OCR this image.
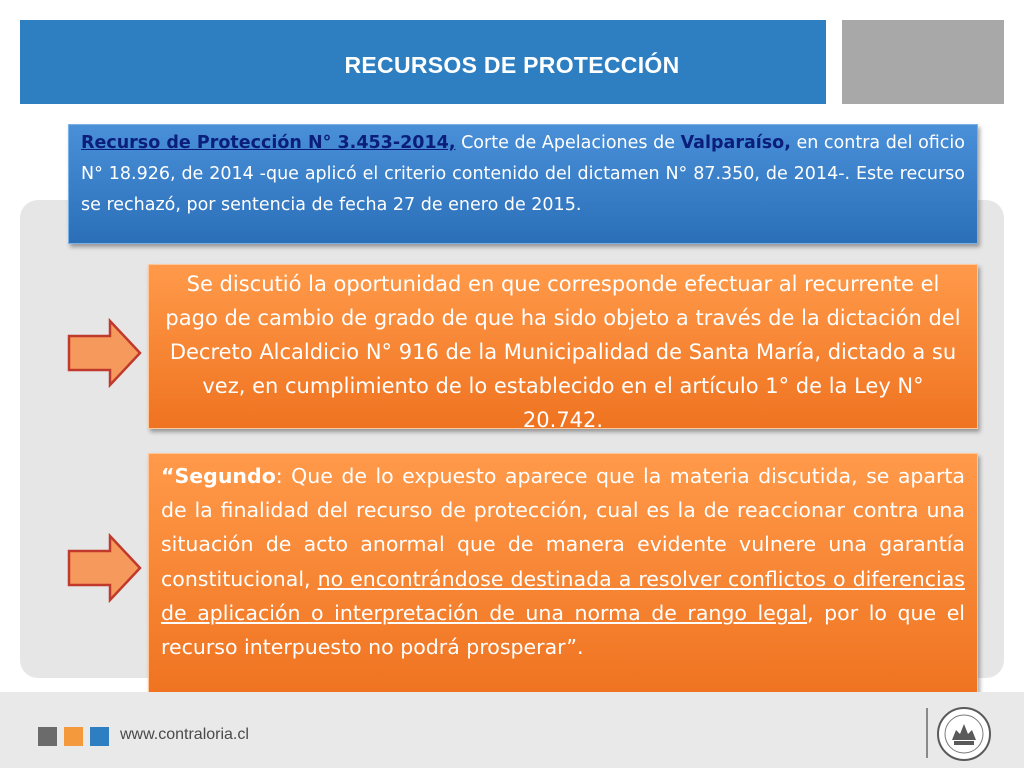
RECURSOS DE PROTECCIÓN
Recurso de Protección N° 3.453-2014, Corte de Apelaciones de Valparaíso, en contra del oficio N° 18.926, de 2014 -que aplicó el criterio contenido del dictamen N° 87.350, de 2014-. Este recurso se rechazó, por sentencia de fecha 27 de enero de 2015.
Se discutió la oportunidad en que corresponde efectuar al recurrente el pago de cambio de grado de que ha sido objeto a través de la dictación del Decreto Alcaldicio N° 916 de la Municipalidad de Santa María, dictado a su vez, en cumplimiento de lo establecido en el artículo 1° de la Ley N° 20.742.
“Segundo: Que de lo expuesto aparece que la materia discutida, se aparta de la finalidad del recurso de protección, cual es la de reaccionar contra una situación de acto anormal que de manera evidente vulnere una garantía constitucional, no encontrándose destinada a resolver conflictos o diferencias de aplicación o interpretación de una norma de rango legal, por lo que el recurso interpuesto no podrá prosperar”.
www.contraloria.cl
